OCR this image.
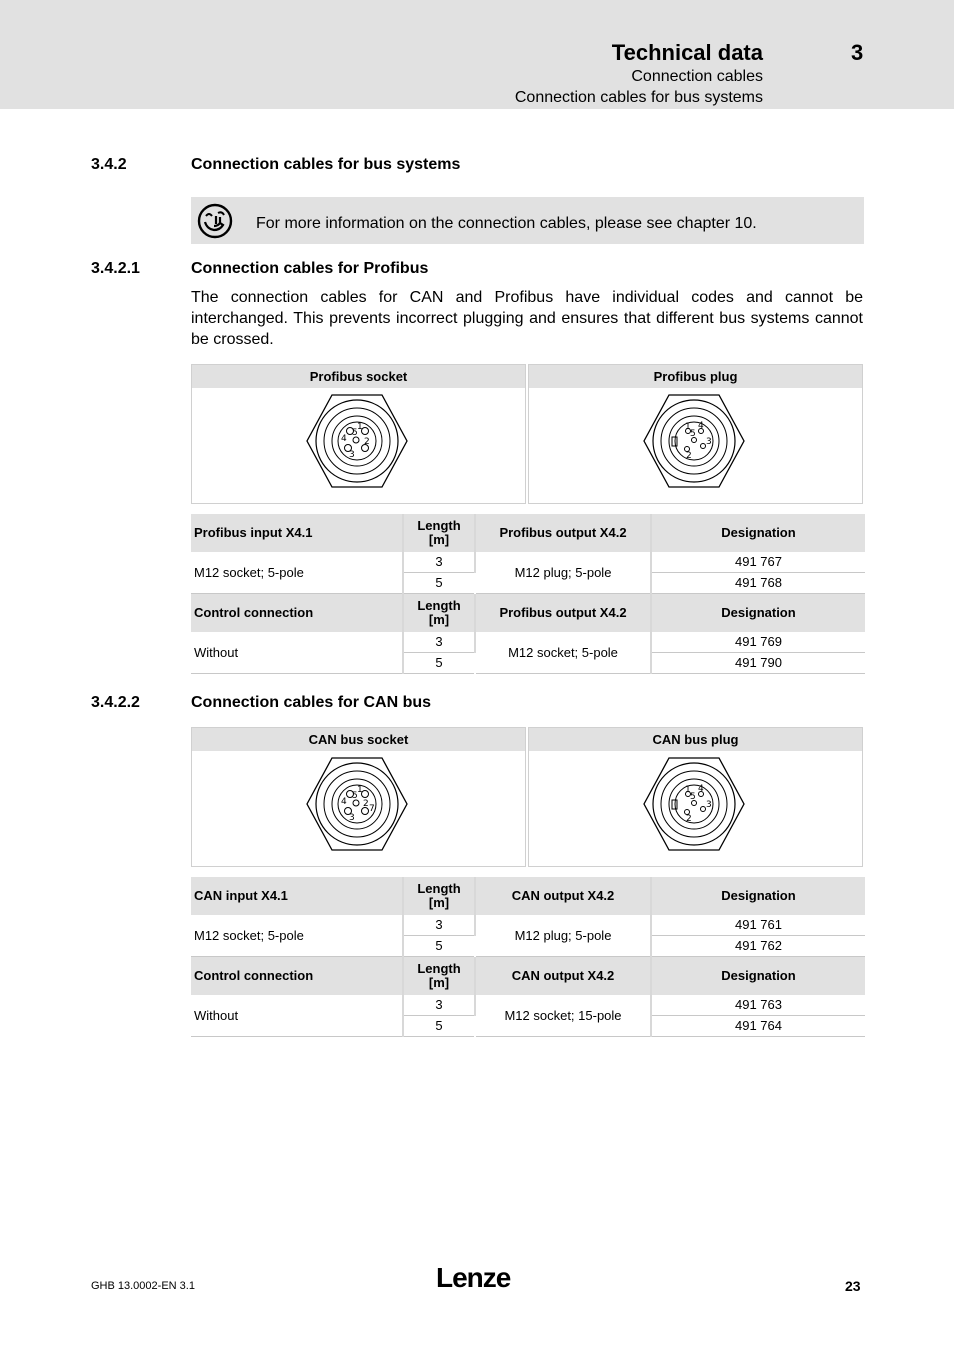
Technical data	3
Connection cables
Connection cables for bus systems
3.4.2	Connection cables for bus systems
For more information on the connection cables, please see chapter 10.
3.4.2.1	Connection cables for Profibus
The connection cables for CAN and Profibus have individual codes and cannot be interchanged. This prevents incorrect plugging and ensures that different bus systems cannot be crossed.
Profibus socket
1
2
3
4
5
Profibus plug
1
2
3
4
5
Profibus input X4.1	Length [m]	Profibus output X4.2	Designation
M12 socket; 5-pole	3	M12 plug; 5-pole	491 767
	5		491 768
Control connection	Length [m]	Profibus output X4.2	Designation
Without	3	M12 socket; 5-pole	491 769
	5		491 790
3.4.2.2	Connection cables for CAN bus
CAN bus socket
1
2
3
4
5
7
CAN bus plug
1
2
3
4
5
CAN input X4.1	Length [m]	CAN output X4.2	Designation
M12 socket; 5-pole	3	M12 plug; 5-pole	491 761
	5		491 762
Control connection	Length [m]	CAN output X4.2	Designation
Without	3	M12 socket; 15-pole	491 763
	5		491 764
GHB 13.0002-EN 3.1	Lenze	23
